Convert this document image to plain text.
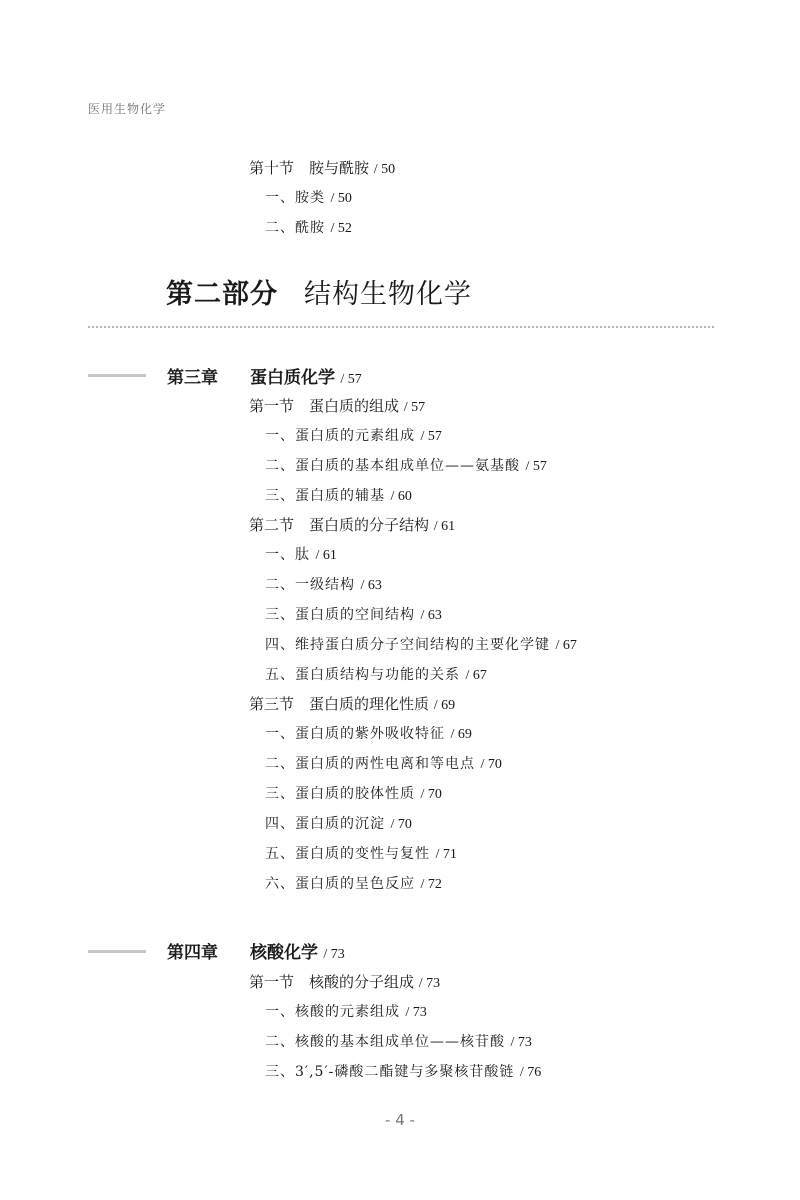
医用生物化学
第二部分 结构生物化学
第十节　胺与酰胺 / 50
一、胺类 / 50
二、酰胺 / 52
第三章 蛋白质化学 / 57
第一节　蛋白质的组成 / 57
一、蛋白质的元素组成 / 57
二、蛋白质的基本组成单位——氨基酸 / 57
三、蛋白质的辅基 / 60
第二节　蛋白质的分子结构 / 61
一、肽 / 61
二、一级结构 / 63
三、蛋白质的空间结构 / 63
四、维持蛋白质分子空间结构的主要化学键 / 67
五、蛋白质结构与功能的关系 / 67
第三节　蛋白质的理化性质 / 69
一、蛋白质的紫外吸收特征 / 69
二、蛋白质的两性电离和等电点 / 70
三、蛋白质的胶体性质 / 70
四、蛋白质的沉淀 / 70
五、蛋白质的变性与复性 / 71
六、蛋白质的呈色反应 / 72
第四章 核酸化学 / 73
第一节　核酸的分子组成 / 73
一、核酸的元素组成 / 73
二、核酸的基本组成单位——核苷酸 / 73
三、3′,5′-磷酸二酯键与多聚核苷酸链 / 76
- 4 -
